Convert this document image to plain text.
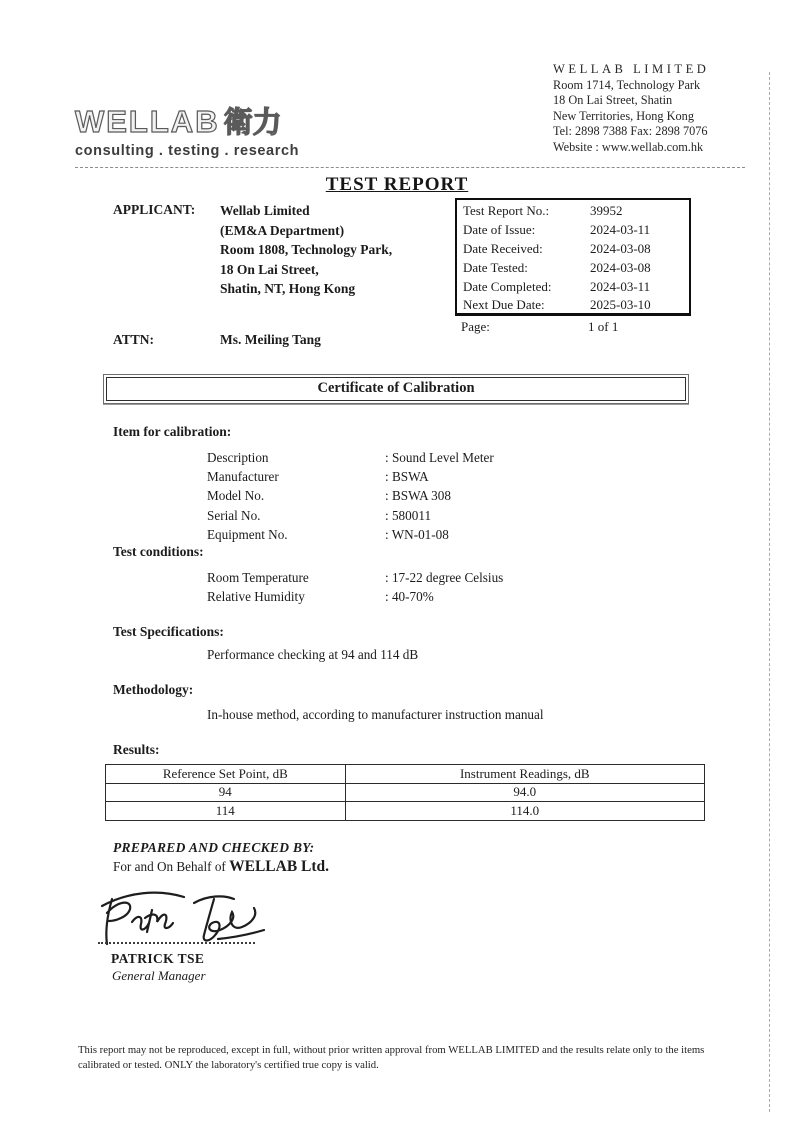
WELLAB 衛力
consulting . testing . research
WELLAB LIMITED
Room 1714, Technology Park
18 On Lai Street, Shatin
New Territories, Hong Kong
Tel: 2898 7388 Fax: 2898 7076
Website : www.wellab.com.hk
TEST REPORT
APPLICANT: Wellab Limited
(EM&A Department)
Room 1808, Technology Park,
18 On Lai Street,
Shatin, NT, Hong Kong
Test Report No.:	39952
Date of Issue:	2024-03-11
Date Received:	2024-03-08
Date Tested:	2024-03-08
Date Completed:	2024-03-11
Next Due Date:	2025-03-10
Page:	1 of 1
ATTN:	Ms. Meiling Tang
Certificate of Calibration
Item for calibration:
Description	: Sound Level Meter
Manufacturer	: BSWA
Model No.	: BSWA 308
Serial No.	: 580011
Equipment No.	: WN-01-08
Test conditions:
Room Temperature	: 17-22 degree Celsius
Relative Humidity	: 40-70%
Test Specifications:
Performance checking at 94 and 114 dB
Methodology:
In-house method, according to manufacturer instruction manual
Results:
Reference Set Point, dB	Instrument Readings, dB
94	94.0
114	114.0
PREPARED AND CHECKED BY:
For and On Behalf of WELLAB Ltd.
PATRICK TSE
General Manager
This report may not be reproduced, except in full, without prior written approval from WELLAB LIMITED and the results relate only to the items calibrated or tested. ONLY the laboratory's certified true copy is valid.
